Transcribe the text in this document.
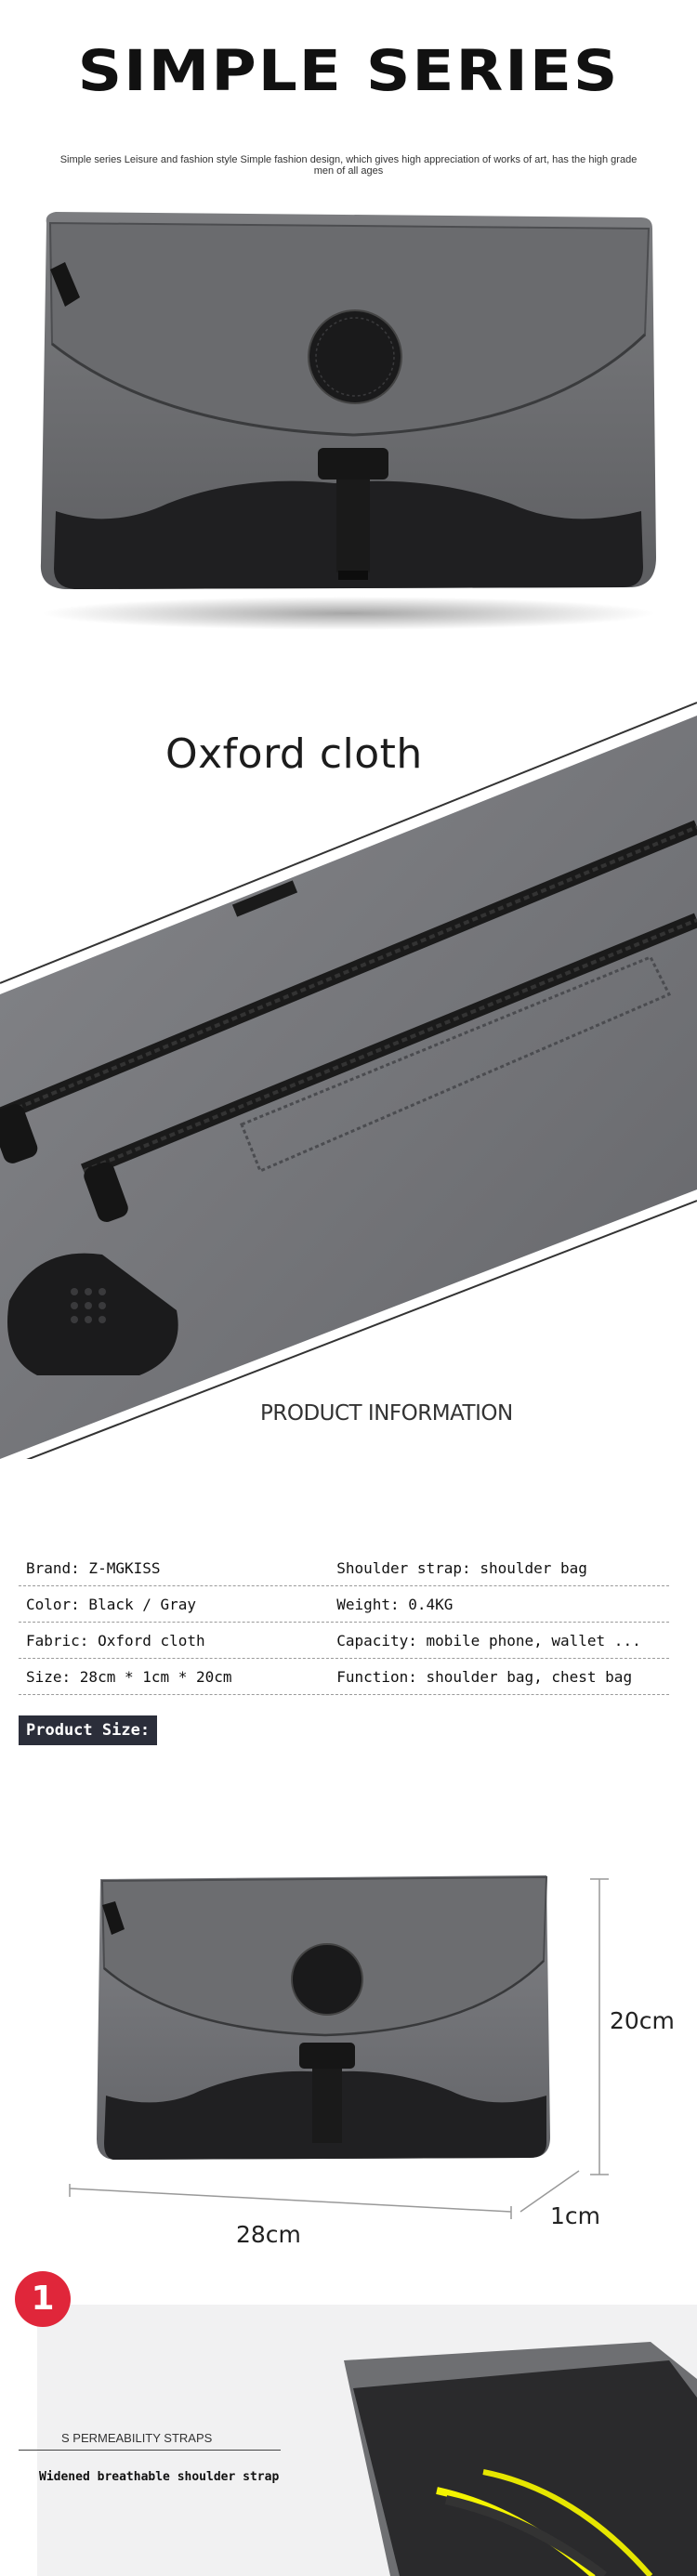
SIMPLE SERIES
Simple series Leisure and fashion style Simple fashion design, which gives high appreciation of works of art, has the high grade men of all ages
Oxford cloth
PRODUCT INFORMATION
Brand: Z-MGKISS	Shoulder strap: shoulder bag
Color: Black / Gray	Weight: 0.4KG
Fabric: Oxford cloth	Capacity: mobile phone, wallet ...
Size: 28cm * 1cm * 20cm	Function: shoulder bag, chest bag
20cm
28cm
1cm
Product Size:
1
S PERMEABILITY STRAPS
Widened breathable shoulder strap
